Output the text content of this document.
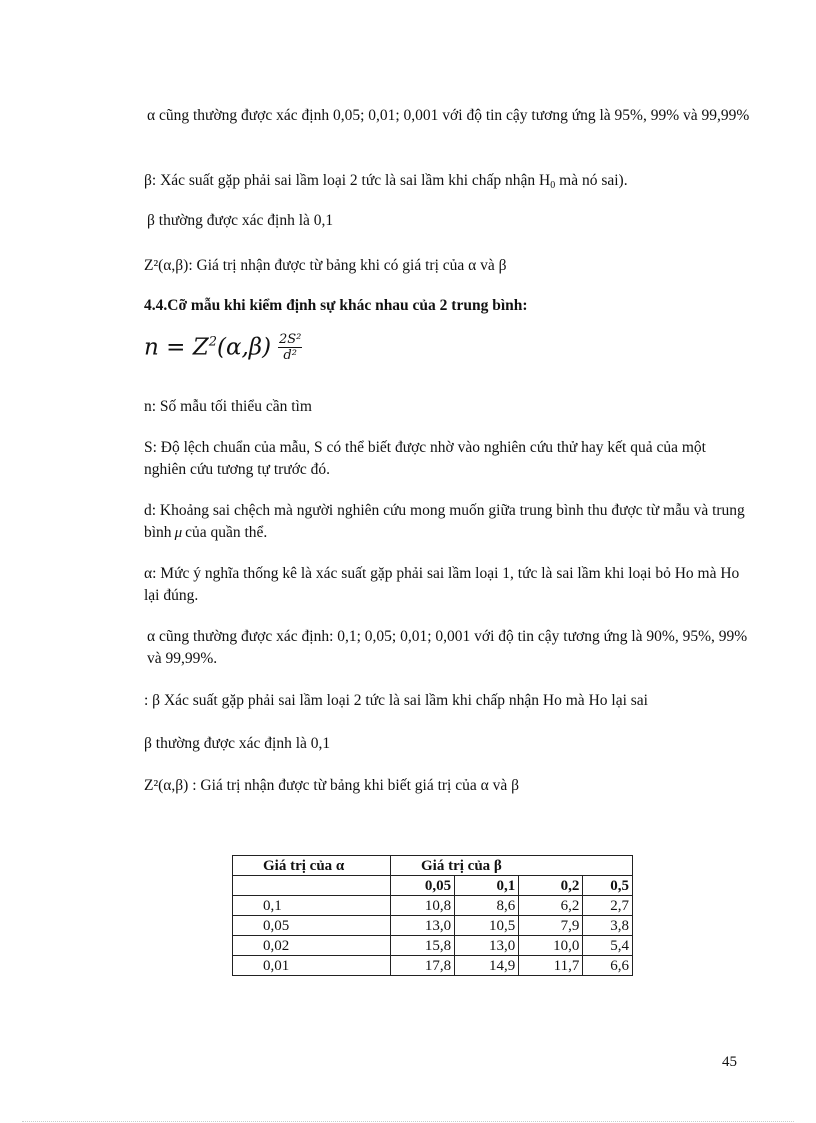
α cũng thường được xác định 0,05; 0,01; 0,001 với độ tin cậy tương ứng là 95%, 99% và 99,99%

β: Xác suất gặp phải sai lầm loại 2 tức là sai lầm khi chấp nhận $H_0$ mà nó sai).

β thường được xác định là 0,1

Z²(α,β): Giá trị nhận được từ bảng khi có giá trị của α và β

4.4.Cỡ mẫu khi kiểm định sự khác nhau của 2 trung bình:

$n = Z^2(\alpha,\beta) \frac{\text{2S²}}{\text{d²}}$

n: Số mẫu tối thiểu cần tìm

S: Độ lệch chuẩn của mẫu, S có thể biết được nhờ vào nghiên cứu thử hay kết quả của một nghiên cứu tương tự trước đó.

d: Khoảng sai chệch mà người nghiên cứu mong muốn giữa trung bình thu được từ mẫu và trung bình μ của quần thể.

α: Mức ý nghĩa thống kê là xác suất gặp phải sai lầm loại 1, tức là sai lầm khi loại bỏ Ho mà Ho lại đúng.

α cũng thường được xác định: 0,1; 0,05; 0,01; 0,001 với độ tin cậy tương ứng là 90%, 95%, 99% và 99,99%.

: β Xác suất gặp phải sai lầm loại 2 tức là sai lầm khi chấp nhận Ho mà Ho lại sai

β thường được xác định là 0,1

Z²(α,β) : Giá trị nhận được từ bảng khi biết giá trị của α và β

Giá trị của α	Giá trị của β			
	0,05	0,1	0,2	0,5
0,1	10,8	8,6	6,2	2,7
0,05	13,0	10,5	7,9	3,8
0,02	15,8	13,0	10,0	5,4
0,01	17,8	14,9	11,7	6,6
45
